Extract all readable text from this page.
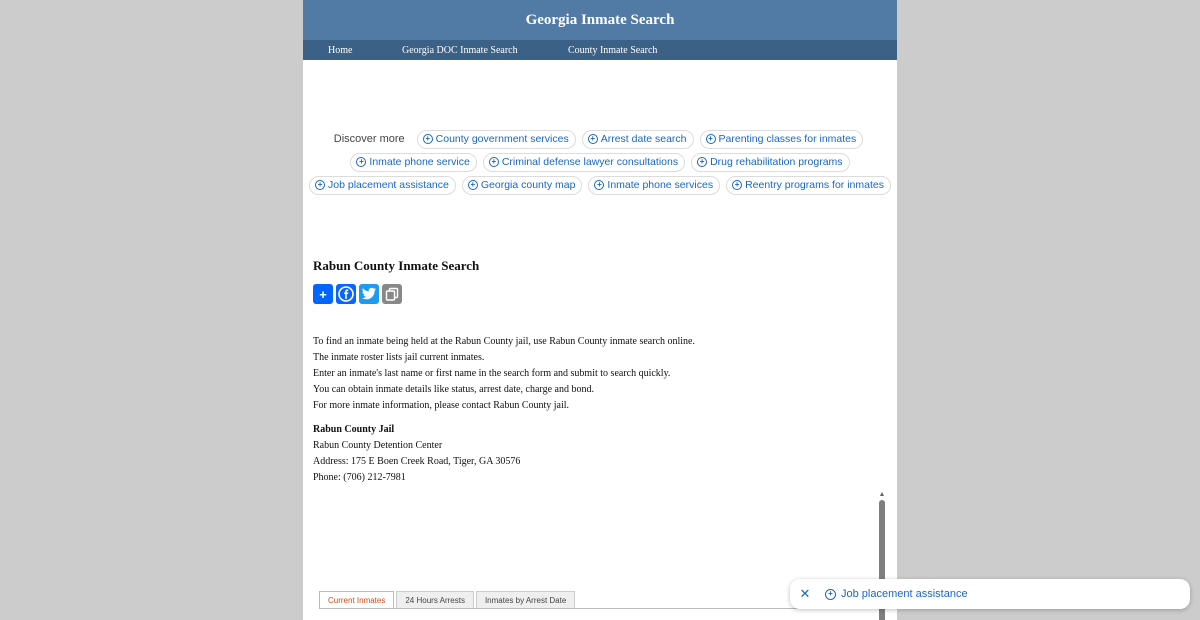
Georgia Inmate Search
Home	Georgia DOC Inmate Search	County Inmate Search
Discover more	+ County government services	+ Arrest date search	+ Parenting classes for inmates
+ Inmate phone service	+ Criminal defense lawyer consultations	+ Drug rehabilitation programs
+ Job placement assistance	+ Georgia county map	+ Inmate phone services	+ Reentry programs for inmates
Rabun County Inmate Search
+

To find an inmate being held at the Rabun County jail, use Rabun County inmate search online.

The inmate roster lists jail current inmates.

Enter an inmate's last name or first name in the search form and submit to search quickly.

You can obtain inmate details like status, arrest date, charge and bond.

For more inmate information, please contact Rabun County jail.

Rabun County Jail

Rabun County Detention Center

Address: 175 E Boen Creek Road, Tiger, GA 30576

Phone: (706) 212-7981

▲
Current Inmates	24 Hours Arrests	Inmates by Arrest Date	✕	+ Job placement assistance
